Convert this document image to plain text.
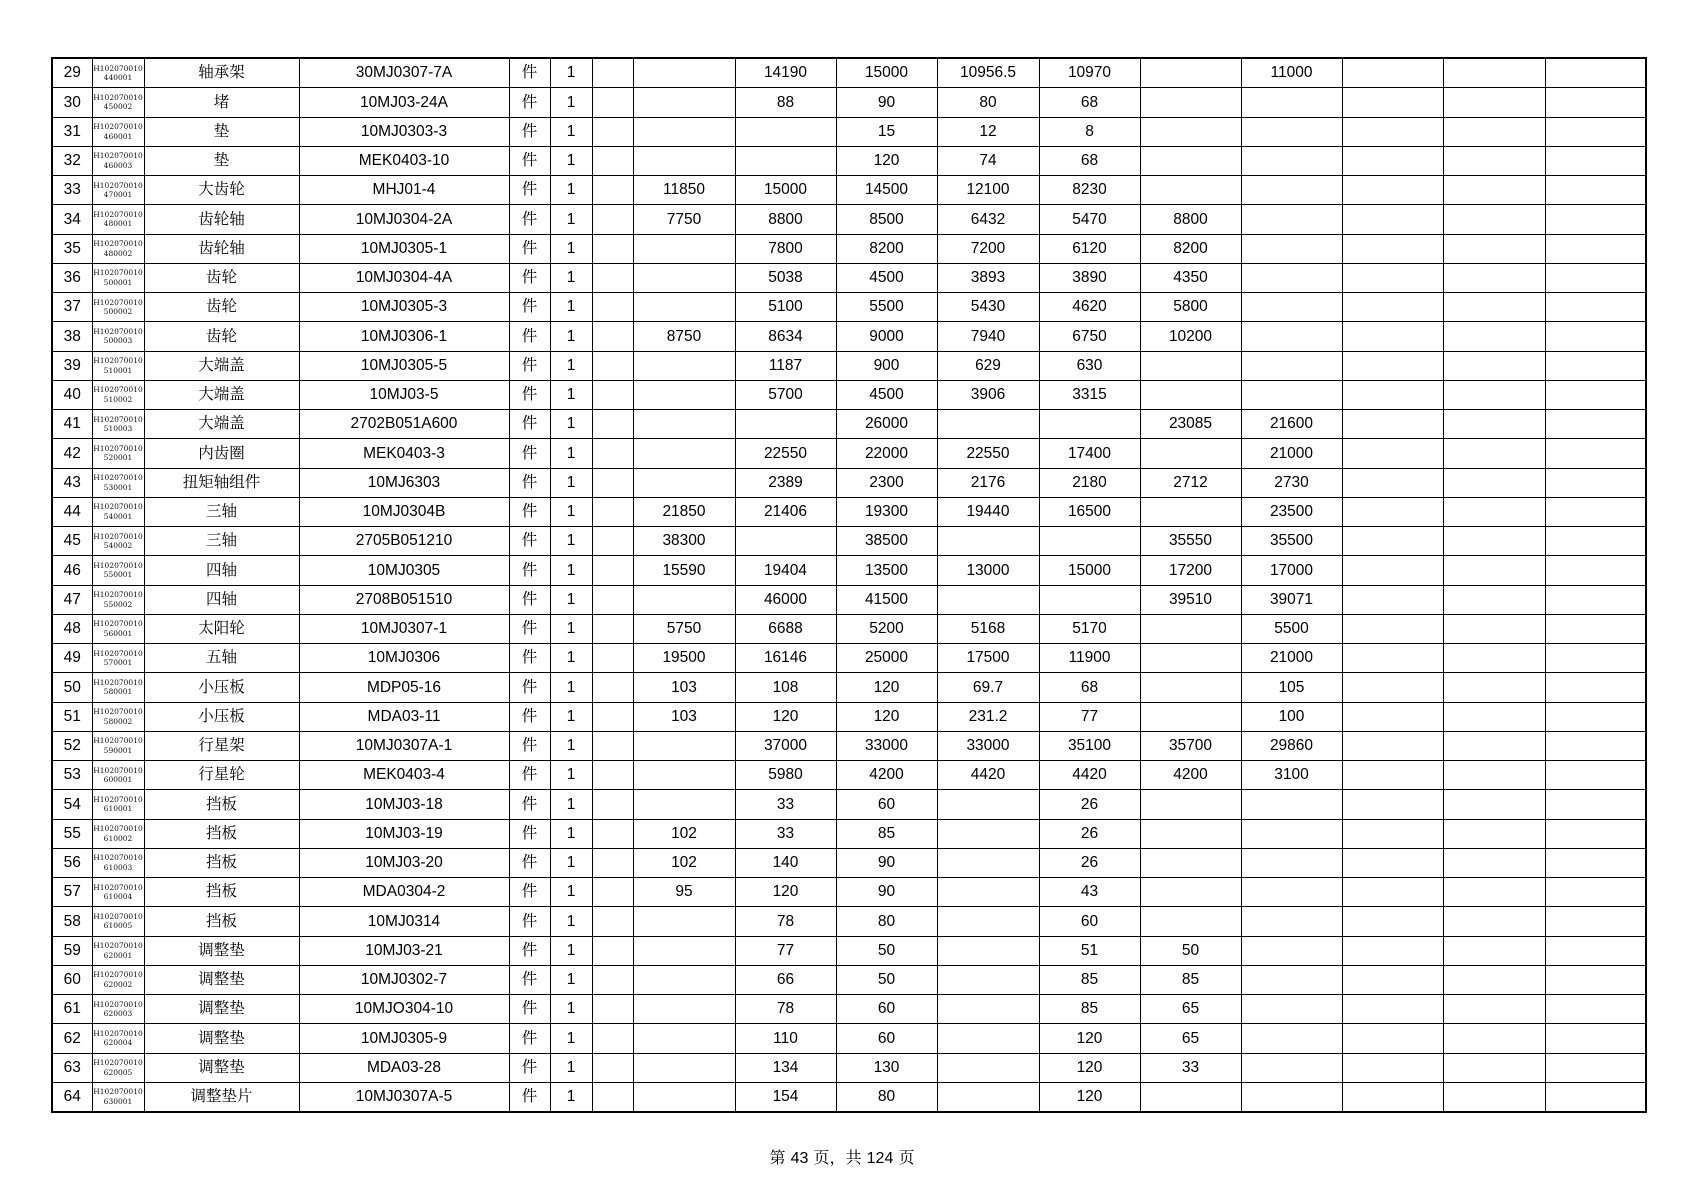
29	H102070010440001	轴承架	30MJ0307-7A	件	1			14190	15000	10956.5	10970		11000			
30	H102070010450002	堵	10MJ03-24A	件	1			88	90	80	68					
31	H102070010460001	垫	10MJ0303-3	件	1				15	12	8					
32	H102070010460003	垫	MEK0403-10	件	1				120	74	68					
33	H102070010470001	大齿轮	MHJ01-4	件	1		11850	15000	14500	12100	8230					
34	H102070010480001	齿轮轴	10MJ0304-2A	件	1		7750	8800	8500	6432	5470	8800				
35	H102070010480002	齿轮轴	10MJ0305-1	件	1			7800	8200	7200	6120	8200				
36	H102070010500001	齿轮	10MJ0304-4A	件	1			5038	4500	3893	3890	4350				
37	H102070010500002	齿轮	10MJ0305-3	件	1			5100	5500	5430	4620	5800				
38	H102070010500003	齿轮	10MJ0306-1	件	1		8750	8634	9000	7940	6750	10200				
39	H102070010510001	大端盖	10MJ0305-5	件	1			1187	900	629	630					
40	H102070010510002	大端盖	10MJ03-5	件	1			5700	4500	3906	3315					
41	H102070010510003	大端盖	2702B051A600	件	1				26000			23085	21600			
42	H102070010520001	内齿圈	MEK0403-3	件	1			22550	22000	22550	17400		21000			
43	H102070010530001	扭矩轴组件	10MJ6303	件	1			2389	2300	2176	2180	2712	2730			
44	H102070010540001	三轴	10MJ0304B	件	1		21850	21406	19300	19440	16500		23500			
45	H102070010540002	三轴	2705B051210	件	1		38300		38500			35550	35500			
46	H102070010550001	四轴	10MJ0305	件	1		15590	19404	13500	13000	15000	17200	17000			
47	H102070010550002	四轴	2708B051510	件	1			46000	41500			39510	39071			
48	H102070010560001	太阳轮	10MJ0307-1	件	1		5750	6688	5200	5168	5170		5500			
49	H102070010570001	五轴	10MJ0306	件	1		19500	16146	25000	17500	11900		21000			
50	H102070010580001	小压板	MDP05-16	件	1		103	108	120	69.7	68		105			
51	H102070010580002	小压板	MDA03-11	件	1		103	120	120	231.2	77		100			
52	H102070010590001	行星架	10MJ0307A-1	件	1			37000	33000	33000	35100	35700	29860			
53	H102070010600001	行星轮	MEK0403-4	件	1			5980	4200	4420	4420	4200	3100			
54	H102070010610001	挡板	10MJ03-18	件	1			33	60		26					
55	H102070010610002	挡板	10MJ03-19	件	1		102	33	85		26					
56	H102070010610003	挡板	10MJ03-20	件	1		102	140	90		26					
57	H102070010610004	挡板	MDA0304-2	件	1		95	120	90		43					
58	H102070010610005	挡板	10MJ0314	件	1			78	80		60					
59	H102070010620001	调整垫	10MJ03-21	件	1			77	50		51	50				
60	H102070010620002	调整垫	10MJ0302-7	件	1			66	50		85	85				
61	H102070010620003	调整垫	10MJO304-10	件	1			78	60		85	65				
62	H102070010620004	调整垫	10MJ0305-9	件	1			110	60		120	65				
63	H102070010620005	调整垫	MDA03-28	件	1			134	130		120	33				
64	H102070010630001	调整垫片	10MJ0307A-5	件	1			154	80		120					
第 43 页，共 124 页
